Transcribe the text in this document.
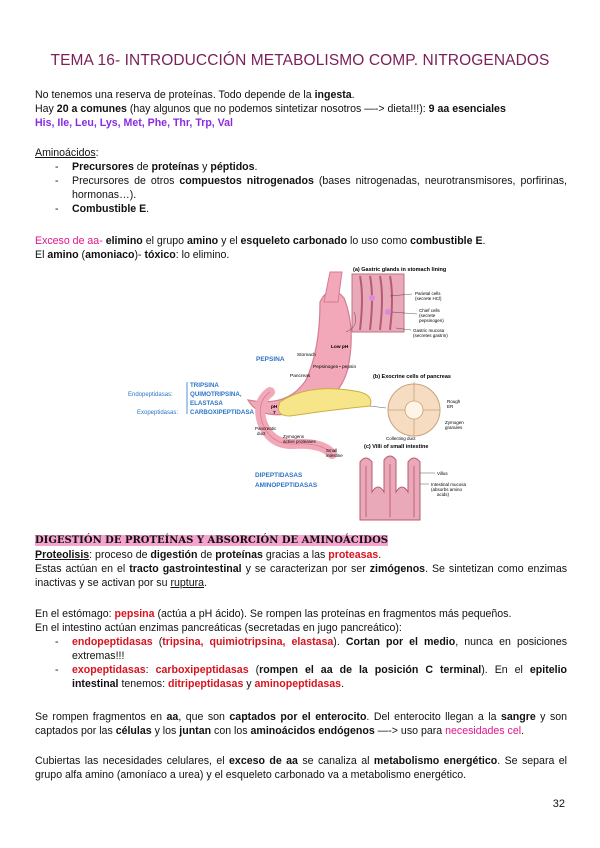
TEMA 16- INTRODUCCIÓN METABOLISMO COMP. NITROGENADOS
No tenemos una reserva de proteínas. Todo depende de la ingesta.
Hay 20 a comunes (hay algunos que no podemos sintetizar nosotros —-> dieta!!!): 9 aa esenciales
His, Ile, Leu, Lys, Met, Phe, Thr, Trp, Val
Aminoácidos:
- Precursores de proteínas y péptidos.
- Precursores de otros compuestos nitrogenados (bases nitrogenadas, neurotransmisores, porfirinas, hormonas…).
- Combustible E.
Exceso de aa- elimino el grupo amino y el esqueleto carbonado lo uso como combustible E.
El amino (amoniaco)- tóxico: lo elimino.
(a) Gastric glands in stomach lining
Parietal cells
(secrete HCl)
Chief cells
(secrete
pepsinogen)
Gastric mucosa
(secretes gastrin)
Low pH
Stomach
Pepsinogen pepsin
PEPSINA
Pancreas	(b) Exocrine cells of pancreas
Rough
ER
Zymogen
granules
Collecting duct
TRIPSINA
QUIMOTRIPSINA,
ELASTASA
CARBOXIPEPTIDASA
Endopeptidasas:
Exopeptidasas:
pH
7
Pancreatic
duct
Zymogens
active proteases
Small
intestine
(c) Villi of small intestine
Villus
Intestinal mucosa
(absorbs amino
acids)
DIPEPTIDASAS
AMINOPEPTIDASAS
DIGESTIÓN DE PROTEÍNAS Y ABSORCIÓN DE AMINOÁCIDOS
Proteolisis: proceso de digestión de proteínas gracias a las proteasas.
Estas actúan en el tracto gastrointestinal y se caracterizan por ser zimógenos. Se sintetizan como enzimas inactivas y se activan por su ruptura.
En el estómago: pepsina (actúa a pH ácido). Se rompen las proteínas en fragmentos más pequeños.
En el intestino actúan enzimas pancreáticas (secretadas en jugo pancreático):
- endopeptidasas (tripsina, quimiotripsina, elastasa). Cortan por el medio, nunca en posiciones extremas!!!
- exopeptidasas: carboxipeptidasas (rompen el aa de la posición C terminal). En el epitelio intestinal tenemos: ditripeptidasas y aminopeptidasas.
Se rompen fragmentos en aa, que son captados por el enterocito. Del enterocito llegan a la sangre y son captados por las células y los juntan con los aminoácidos endógenos —-> uso para necesidades cel.
Cubiertas las necesidades celulares, el exceso de aa se canaliza al metabolismo energético. Se separa el grupo alfa amino (amoníaco a urea) y el esqueleto carbonado va a metabolismo energético.
32
